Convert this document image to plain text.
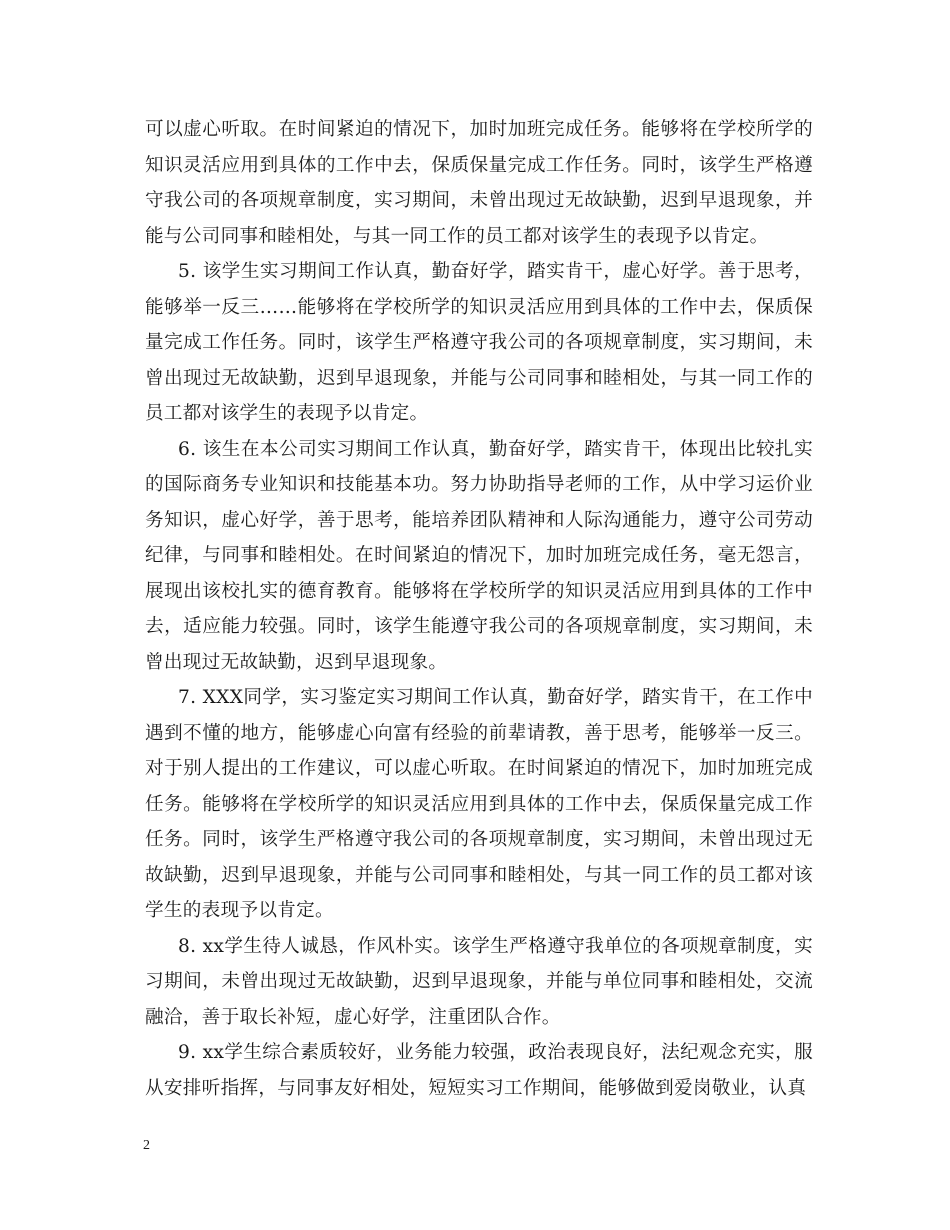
可以虚心听取。在时间紧迫的情况下，加时加班完成任务。能够将在学校所学的知识灵活应用到具体的工作中去，保质保量完成工作任务。同时，该学生严格遵守我公司的各项规章制度，实习期间，未曾出现过无故缺勤，迟到早退现象，并能与公司同事和睦相处，与其一同工作的员工都对该学生的表现予以肯定。

5. 该学生实习期间工作认真，勤奋好学，踏实肯干，虚心好学。善于思考，能够举一反三……能够将在学校所学的知识灵活应用到具体的工作中去，保质保量完成工作任务。同时，该学生严格遵守我公司的各项规章制度，实习期间，未曾出现过无故缺勤，迟到早退现象，并能与公司同事和睦相处，与其一同工作的员工都对该学生的表现予以肯定。

6. 该生在本公司实习期间工作认真，勤奋好学，踏实肯干，体现出比较扎实的国际商务专业知识和技能基本功。努力协助指导老师的工作，从中学习运价业务知识，虚心好学，善于思考，能培养团队精神和人际沟通能力，遵守公司劳动纪律，与同事和睦相处。在时间紧迫的情况下，加时加班完成任务，毫无怨言，展现出该校扎实的德育教育。能够将在学校所学的知识灵活应用到具体的工作中去，适应能力较强。同时，该学生能遵守我公司的各项规章制度，实习期间，未曾出现过无故缺勤，迟到早退现象。

7. XXX同学，实习鉴定实习期间工作认真，勤奋好学，踏实肯干，在工作中遇到不懂的地方，能够虚心向富有经验的前辈请教，善于思考，能够举一反三。对于别人提出的工作建议，可以虚心听取。在时间紧迫的情况下，加时加班完成任务。能够将在学校所学的知识灵活应用到具体的工作中去，保质保量完成工作任务。同时，该学生严格遵守我公司的各项规章制度，实习期间，未曾出现过无故缺勤，迟到早退现象，并能与公司同事和睦相处，与其一同工作的员工都对该学生的表现予以肯定。

8. xx学生待人诚恳，作风朴实。该学生严格遵守我单位的各项规章制度，实习期间，未曾出现过无故缺勤，迟到早退现象，并能与单位同事和睦相处，交流融洽，善于取长补短，虚心好学，注重团队合作。

9. xx学生综合素质较好，业务能力较强，政治表现良好，法纪观念充实，服从安排听指挥，与同事友好相处，短短实习工作期间，能够做到爱岗敬业，认真

2
